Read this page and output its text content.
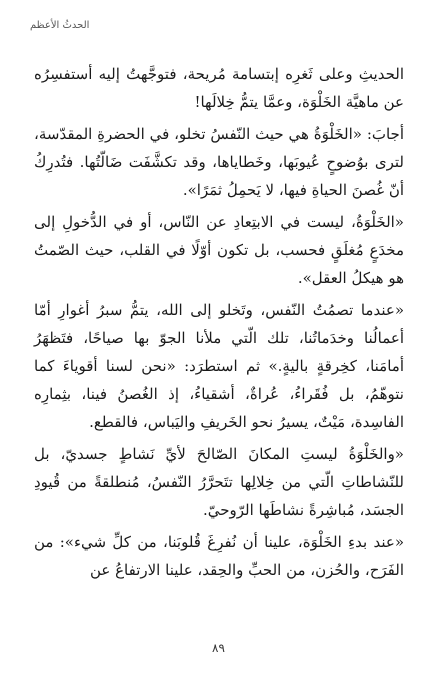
الحدثُ الأعظم

الحديثِ وعلى ثَغرِه إبتسامة مُريحة، فتوجَّهتُ إليه أستفسِرُه عن ماهيَّة الخَلْوَة، وعمَّا يتمُّ خِلالَها!

أجابَ: «الخَلْوَةُ هي حيث النّفسُ تخلو، في الحضرةِ المقدّسة، لترى بوُضوحٍ عُيوبَها، وخَطاياها، وقد تكشَّفَت ضَالّتُها. فتُدرِكُ أنّ غُصنَ الحياةِ فيها، لا يَحمِلُ ثمَرًا».

«الخَلْوَةُ، ليست في الابتِعادِ عن النّاس، أو في الدُّخولِ إلى مخدَعٍ مُغلَقٍ فحسب، بل تكون أوّلًا في القلب، حيث الصّمتُ هو هيكلُ العقل».

«عندما تصمُتُ النّفس، وتَخلو إلى الله، يتمُّ سبرُ أغوارِ أمّا أعمالُنا وخدَماتُنا، تلك الّتي ملأنا الجوّ بها صياحًا، فتَظهَرُ أمامَنا، كخِرقةٍ باليةٍ.» ثم استطرَد: «نحن لسنا أقوياءَ كما نتوهّمُ، بل فُقَراءُ، عُراةٌ، أشقياءُ، إذ الغُصنُ فينا، بثِمارِه الفاسِدة، مَيْتٌ، يسيرُ نحو الخَريفِ واليَباس، فالقطع.

«والخَلْوَةُ ليستِ المكانَ الصّالحَ لأيِّ نَشاطٍ جسديّ، بل للنّشاطاتِ الّتي من خِلالِها تتَحرَّرُ النّفسُ، مُنطلقةً من قُيودِ الجسَد، مُباشِرةً نشاطَها الرّوحيّ.

«عند بدءِ الخَلْوَة، علينا أن نُفرِغَ قُلوبَنا، من كلِّ شيء»: من الفَرَح، والحُزن، من الحبِّ والحِقد، علينا الارتفاعُ عن

٨٩
